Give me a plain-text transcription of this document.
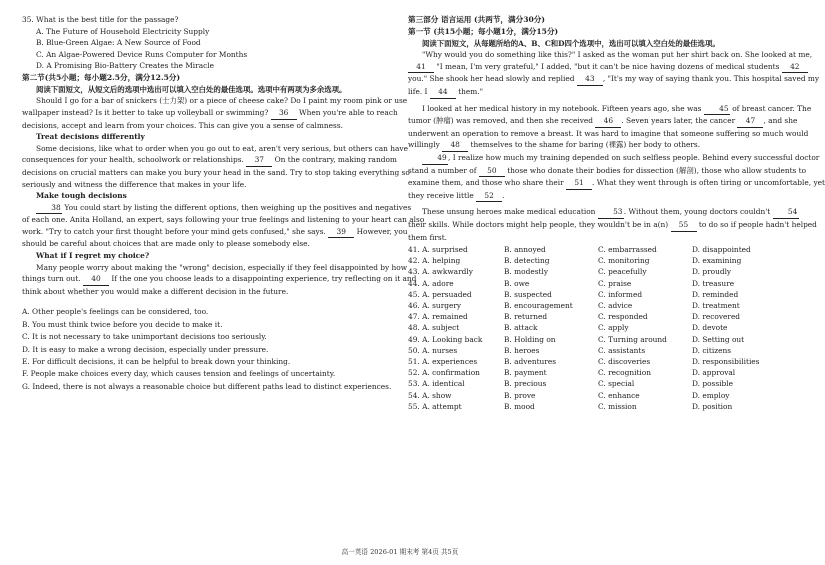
35. What is the best title for the passage?

A. The Future of Household Electricity Supply

B. Blue-Green Algae: A New Source of Food

C. An Algae-Powered Device Runs Computer for Months

D. A Promising Bio-Battery Creates the Miracle

第二节(共5小题；每小题2.5分，满分12.5分)

阅读下面短文，从短文后的选项中选出可以填入空白处的最佳选项。选项中有两项为多余选项。

Should I go for a bar of snickers (士力架) or a piece of cheese cake? Do I paint my room pink or use

wallpaper instead? Is it better to take up volleyball or swimming? 36 When you're able to reach

decisions, accept and learn from your choices. This can give you a sense of calmness.

Treat decisions differently

Some decisions, like what to order when you go out to eat, aren't very serious, but others can have

consequences for your health, schoolwork or relationships. 37 On the contrary, making random

decisions on crucial matters can make you bury your head in the sand. Try to stop taking everything so

seriously and witness the difference that makes in your life.

Make tough decisions

38 You could start by listing the different options, then weighing up the positives and negatives

of each one. Anita Holland, an expert, says following your true feelings and listening to your heart can also

work. "Try to catch your first thought before your mind gets confused," she says. 39 However, you

should be careful about choices that are made only to please somebody else.

What if I regret my choice?

Many people worry about making the "wrong" decision, especially if they feel disappointed by how

things turn out. 40 If the one you choose leads to a disappointing experience, try reflecting on it and

think about whether you would make a different decision in the future.

A. Other people's feelings can be considered, too.

B. You must think twice before you decide to make it.

C. It is not necessary to take unimportant decisions too seriously.

D. It is easy to make a wrong decision, especially under pressure.

E. For difficult decisions, it can be helpful to break down your thinking.

F. People make choices every day, which causes tension and feelings of uncertainty.

G. Indeed, there is not always a reasonable choice but different paths lead to distinct experiences.

第三部分 语言运用 (共两节，满分30分)

第一节 (共15小题；每小题1分，满分15分)

阅读下面短文，从每题所给的A、B、C和D四个选项中，选出可以填入空白处的最佳选项。

"Why would you do something like this?" I asked as the woman put her shirt back on. She looked at me,

41 "I mean, I'm very grateful," I added, "but it can't be nice having dozens of medical students 42

you." She shook her head slowly and replied 43 , "It's my way of saying thank you. This hospital saved my

life. I 44 them."

I looked at her medical history in my notebook. Fifteen years ago, she was 45 of breast cancer. The

tumor (肿瘤) was removed, and then she received 46 . Seven years later, the cancer 47 , and she

underwent an operation to remove a breast. It was hard to imagine that someone suffering so much would

willingly 48 themselves to the shame for baring (裸露) her body to others.

49, I realize how much my training depended on such selfless people. Behind every successful doctor

stand a number of 50 those who donate their bodies for dissection (解剖), those who allow students to

examine them, and those who share their 51 . What they went through is often tiring or uncomfortable, yet

they receive little 52 .

These unsung heroes make medical education 53. Without them, young doctors couldn't 54

their skills. While doctors might help people, they wouldn't be in a(n) 55 to do so if people hadn't helped

them first.

41. A. surprised	B. annoyed	C. embarrassed	D. disappointed
42. A. helping	B. detecting	C. monitoring	D. examining
43. A. awkwardly	B. modestly	C. peacefully	D. proudly
44. A. adore	B. owe	C. praise	D. treasure
45. A. persuaded	B. suspected	C. informed	D. reminded
46. A. surgery	B. encouragement	C. advice	D. treatment
47. A. remained	B. returned	C. responded	D. recovered
48. A. subject	B. attack	C. apply	D. devote
49. A. Looking back	B. Holding on	C. Turning around	D. Setting out
50. A. nurses	B. heroes	C. assistants	D. citizens
51. A. experiences	B. adventures	C. discoveries	D. responsibilities
52. A. confirmation	B. payment	C. recognition	D. approval
53. A. identical	B. precious	C. special	D. possible
54. A. show	B. prove	C. enhance	D. employ
55. A. attempt	B. mood	C. mission	D. position
高一英语 2026-01 期末考 第4页 共5页
